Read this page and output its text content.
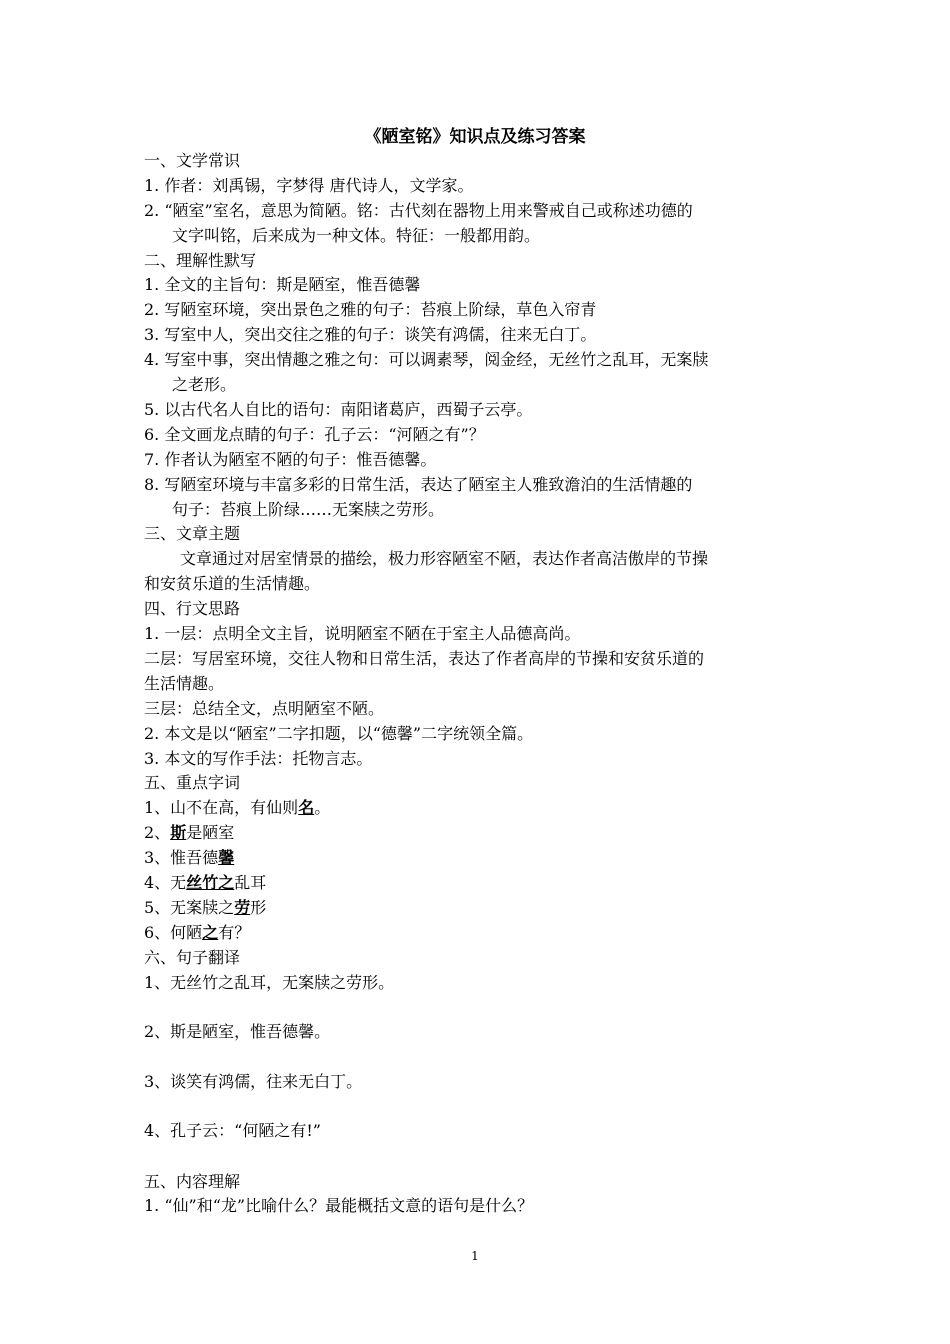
《陋室铭》知识点及练习答案
一、文学常识
1. 作者：刘禹锡，字梦得 唐代诗人，文学家。
2. “陋室”室名，意思为简陋。铭：古代刻在器物上用来警戒自己或称述功德的
文字叫铭，后来成为一种文体。特征：一般都用韵。
二、理解性默写
1. 全文的主旨句：斯是陋室，惟吾德馨
2. 写陋室环境，突出景色之雅的句子：苔痕上阶绿，草色入帘青
3. 写室中人，突出交往之雅的句子：谈笑有鸿儒，往来无白丁。
4. 写室中事，突出情趣之雅之句：可以调素琴，阅金经，无丝竹之乱耳，无案牍
之老形。
5. 以古代名人自比的语句：南阳诸葛庐，西蜀子云亭。
6. 全文画龙点睛的句子：孔子云：“河陋之有”？
7. 作者认为陋室不陋的句子：惟吾德馨。
8. 写陋室环境与丰富多彩的日常生活，表达了陋室主人雅致澹泊的生活情趣的
句子：苔痕上阶绿……无案牍之劳形。
三、文章主题
文章通过对居室情景的描绘，极力形容陋室不陋，表达作者高洁傲岸的节操
和安贫乐道的生活情趣。
四、行文思路
1. 一层：点明全文主旨，说明陋室不陋在于室主人品德高尚。
二层：写居室环境，交往人物和日常生活，表达了作者高岸的节操和安贫乐道的
生活情趣。
三层：总结全文，点明陋室不陋。
2. 本文是以“陋室”二字扣题，以“德馨”二字统领全篇。
3. 本文的写作手法：托物言志。
五、重点字词
1、山不在高，有仙则名。
2、斯是陋室
3、惟吾德馨
4、无丝竹之乱耳
5、无案牍之劳形
6、何陋之有？
六、句子翻译
1、无丝竹之乱耳，无案牍之劳形。
2、斯是陋室，惟吾德馨。
3、谈笑有鸿儒，往来无白丁。
4、孔子云：“何陋之有!”
五、内容理解
1. “仙”和“龙”比喻什么？最能概括文意的语句是什么？
1
